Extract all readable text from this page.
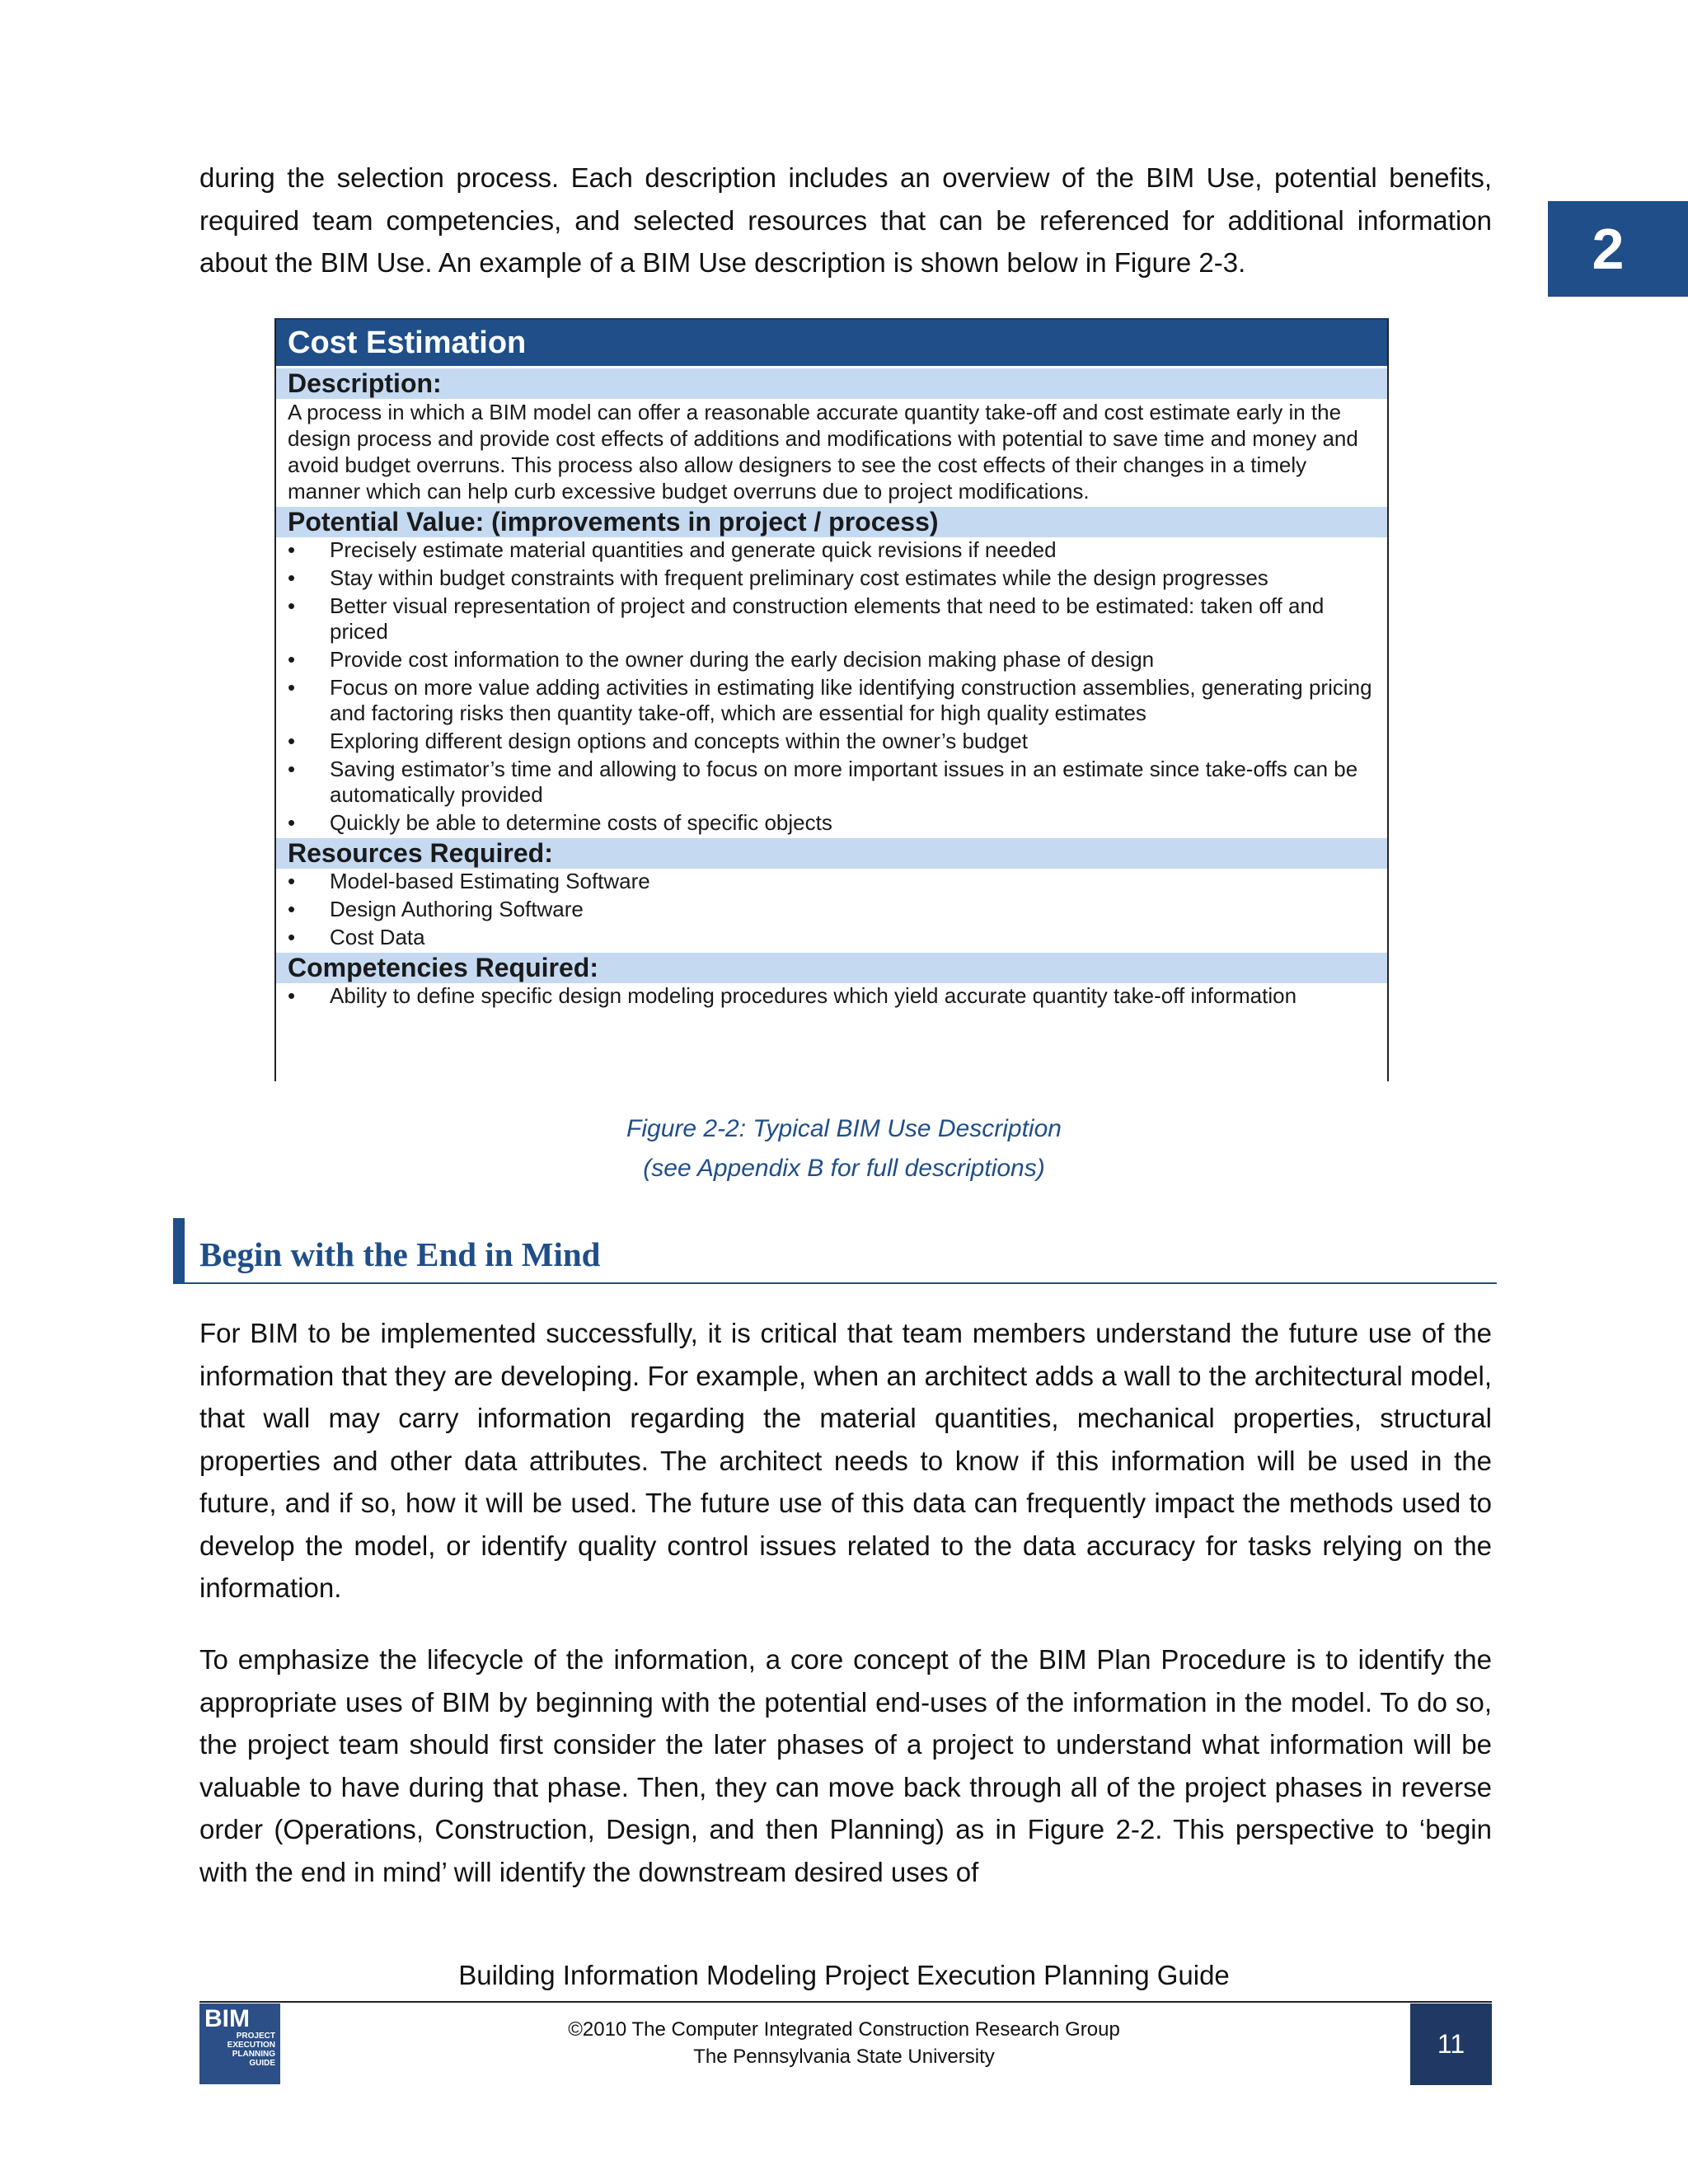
2

during the selection process. Each description includes an overview of the BIM Use, potential benefits, required team competencies, and selected resources that can be referenced for additional information about the BIM Use. An example of a BIM Use description is shown below in Figure 2-3.

Cost Estimation
Description:
A process in which a BIM model can offer a reasonable accurate quantity take-off and cost estimate early in the design process and provide cost effects of additions and modifications with potential to save time and money and avoid budget overruns. This process also allow designers to see the cost effects of their changes in a timely manner which can help curb excessive budget overruns due to project modifications.
Potential Value: (improvements in project / process)
• Precisely estimate material quantities and generate quick revisions if needed
• Stay within budget constraints with frequent preliminary cost estimates while the design progresses
• Better visual representation of project and construction elements that need to be estimated: taken off and priced
• Provide cost information to the owner during the early decision making phase of design
• Focus on more value adding activities in estimating like identifying construction assemblies, generating pricing and factoring risks then quantity take-off, which are essential for high quality estimates
• Exploring different design options and concepts within the owner’s budget
• Saving estimator’s time and allowing to focus on more important issues in an estimate since take-offs can be automatically provided
• Quickly be able to determine costs of specific objects
Resources Required:
• Model-based Estimating Software
• Design Authoring Software
• Cost Data
Competencies Required:
• Ability to define specific design modeling procedures which yield accurate quantity take-off information
Figure 2-2: Typical BIM Use Description
(see Appendix B for full descriptions)
Begin with the End in Mind

For BIM to be implemented successfully, it is critical that team members understand the future use of the information that they are developing. For example, when an architect adds a wall to the architectural model, that wall may carry information regarding the material quantities, mechanical properties, structural properties and other data attributes. The architect needs to know if this information will be used in the future, and if so, how it will be used. The future use of this data can frequently impact the methods used to develop the model, or identify quality control issues related to the data accuracy for tasks relying on the information.

To emphasize the lifecycle of the information, a core concept of the BIM Plan Procedure is to identify the appropriate uses of BIM by beginning with the potential end-uses of the information in the model. To do so, the project team should first consider the later phases of a project to understand what information will be valuable to have during that phase. Then, they can move back through all of the project phases in reverse order (Operations, Construction, Design, and then Planning) as in Figure 2-2. This perspective to ‘begin with the end in mind’ will identify the downstream desired uses of

Building Information Modeling Project Execution Planning Guide
BIM
PROJECT
EXECUTION
PLANNING
GUIDE
©2010 The Computer Integrated Construction Research Group
The Pennsylvania State University	11
